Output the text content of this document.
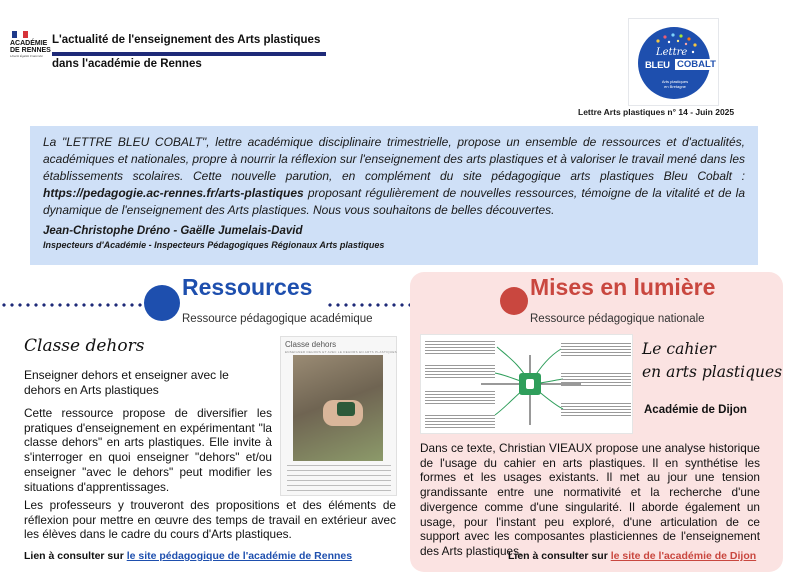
ACADÉMIE
DE RENNES
Liberté Égalité Fraternité
L'actualité de l'enseignement des Arts plastiques
dans l'académie de Rennes
Lettre
BLEU COBALT
Arts plastiques en Bretagne
Lettre Arts plastiques n° 14 - Juin 2025

La "LETTRE BLEU COBALT", lettre académique disciplinaire trimestrielle, propose un ensemble de ressources et d'actualités, académiques et nationales, propre à nourrir la réflexion sur l'enseignement des arts plastiques et à valoriser le travail mené dans les établissements scolaires. Cette nouvelle parution, en complément du site pédagogique arts plastiques Bleu Cobalt : https://pedagogie.ac-rennes.fr/arts-plastiques proposant régulièrement de nouvelles ressources, témoigne de la vitalité et de la dynamique de l'enseignement des Arts plastiques. Nous vous souhaitons de belles découvertes.

Jean-Christophe Dréno - Gaëlle Jumelais-David
Inspecteurs d'Académie - Inspecteurs Pédagogiques Régionaux Arts plastiques
Ressources
Ressource pédagogique académique
Classe dehors
Enseigner dehors et enseigner avec le dehors en Arts plastiques

Cette ressource propose de diversifier les pratiques d'enseignement en expérimentant "la classe dehors" en arts plastiques. Elle invite à s'interroger en quoi enseigner "dehors" et/ou enseigner "avec le dehors" peut modifier les situations d'apprentissages.

Les professeurs y trouveront des propositions et des éléments de réflexion pour mettre en œuvre des temps de travail en extérieur avec les élèves dans le cadre du cours d'Arts plastiques.

Lien à consulter sur le site pédagogique de l'académie de Rennes
Classe dehors
ENSEIGNER DEHORS ET AVEC LE DEHORS EN ARTS PLASTIQUES
Mises en lumière
Ressource pédagogique nationale
Le cahier
en arts plastiques
Académie de Dijon

Dans ce texte, Christian VIEAUX propose une analyse historique de l'usage du cahier en arts plastiques. Il en synthétise les formes et les usages existants. Il met au jour une tension grandissante entre une normativité et la recherche d'une divergence comme d'une singularité. Il aborde également un usage, pour l'instant peu exploré, d'une articulation de ce support avec les composantes plasticiennes de l'enseignement des Arts plastiques.

Lien à consulter sur le site de l'académie de Dijon
